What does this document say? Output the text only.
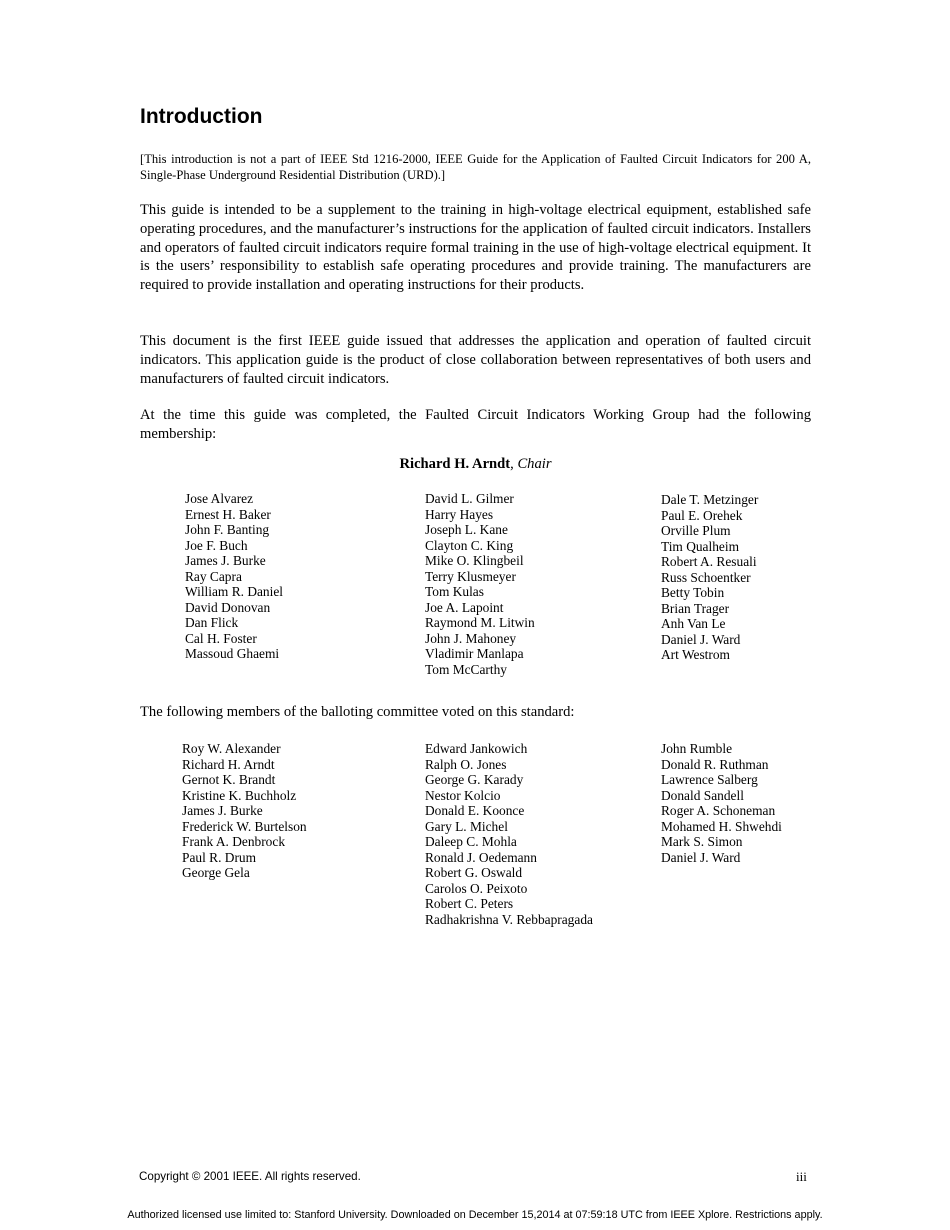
Introduction

[This introduction is not a part of IEEE Std 1216-2000, IEEE Guide for the Application of Faulted Circuit Indicators for 200 A, Single-Phase Underground Residential Distribution (URD).]

This guide is intended to be a supplement to the training in high-voltage electrical equipment, established safe operating procedures, and the manufacturer’s instructions for the application of faulted circuit indicators. Installers and operators of faulted circuit indicators require formal training in the use of high-voltage electrical equipment. It is the users’ responsibility to establish safe operating procedures and provide training. The manufacturers are required to provide installation and operating instructions for their products.

This document is the first IEEE guide issued that addresses the application and operation of faulted circuit indicators. This application guide is the product of close collaboration between representatives of both users and manufacturers of faulted circuit indicators.

At the time this guide was completed, the Faulted Circuit Indicators Working Group had the following membership:

Richard H. Arndt, Chair

Jose Alvarez
Ernest H. Baker
John F. Banting
Joe F. Buch
James J. Burke
Ray Capra
William R. Daniel
David Donovan
Dan Flick
Cal H. Foster
Massoud Ghaemi
David L. Gilmer
Harry Hayes
Joseph L. Kane
Clayton C. King
Mike O. Klingbeil
Terry Klusmeyer
Tom Kulas
Joe A. Lapoint
Raymond M. Litwin
John J. Mahoney
Vladimir Manlapa
Tom McCarthy
Dale T. Metzinger
Paul E. Orehek
Orville Plum
Tim Qualheim
Robert A. Resuali
Russ Schoentker
Betty Tobin
Brian Trager
Anh Van Le
Daniel J. Ward
Art Westrom

The following members of the balloting committee voted on this standard:

Roy W. Alexander
Richard H. Arndt
Gernot K. Brandt
Kristine K. Buchholz
James J. Burke
Frederick W. Burtelson
Frank A. Denbrock
Paul R. Drum
George Gela
Edward Jankowich
Ralph O. Jones
George G. Karady
Nestor Kolcio
Donald E. Koonce
Gary L. Michel
Daleep C. Mohla
Ronald J. Oedemann
Robert G. Oswald
Carolos O. Peixoto
Robert C. Peters
Radhakrishna V. Rebbapragada
John Rumble
Donald R. Ruthman
Lawrence Salberg
Donald Sandell
Roger A. Schoneman
Mohamed H. Shwehdi
Mark S. Simon
Daniel J. Ward
Copyright © 2001 IEEE. All rights reserved.	iii
Authorized licensed use limited to: Stanford University. Downloaded on December 15,2014 at 07:59:18 UTC from IEEE Xplore. Restrictions apply.
